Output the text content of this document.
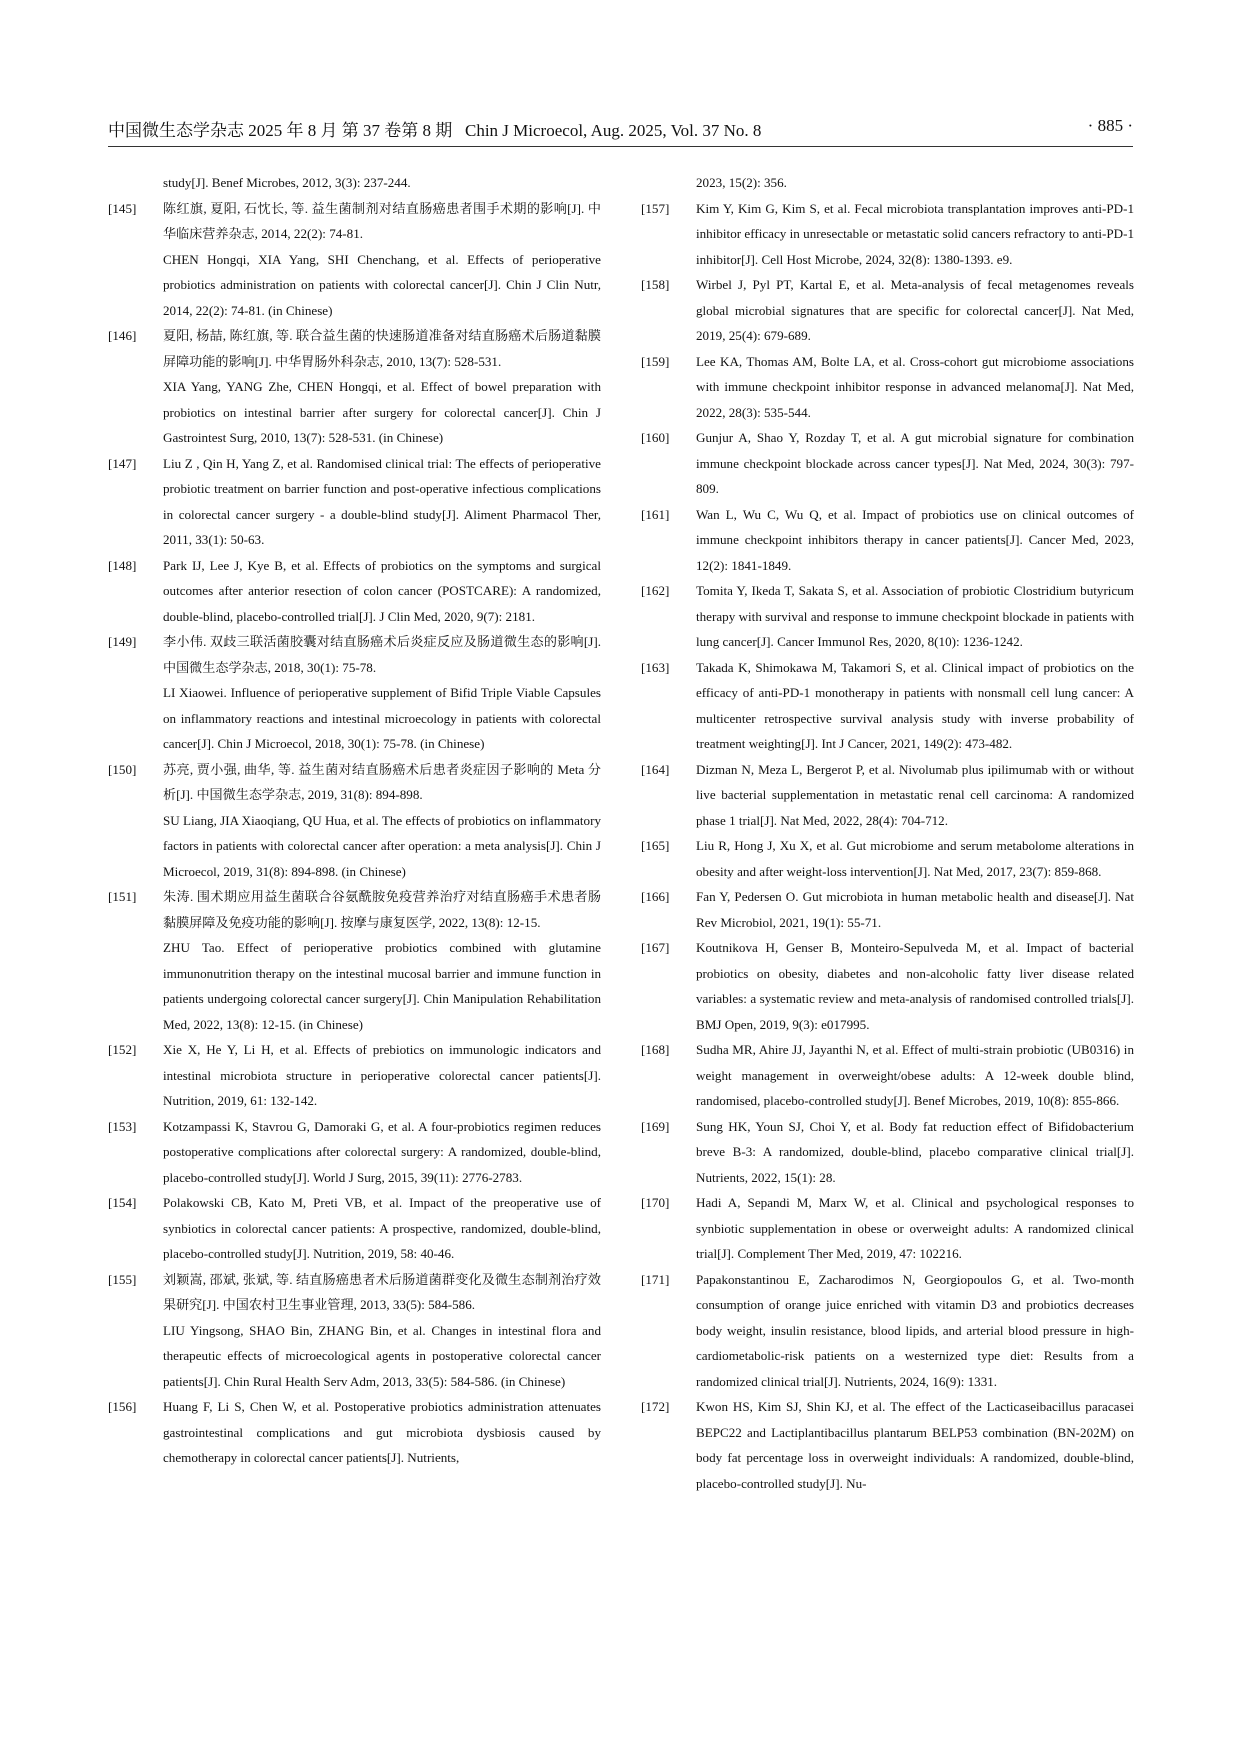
中国微生态学杂志 2025 年 8 月 第 37 卷第 8 期   Chin J Microecol, Aug. 2025, Vol. 37 No. 8	· 885 ·
study[J]. Benef Microbes, 2012, 3(3): 237-244.
[145] 陈红旗, 夏阳, 石忱长, 等. 益生菌制剂对结直肠癌患者围手术期的影响[J]. 中华临床营养杂志, 2014, 22(2): 74-81.
CHEN Hongqi, XIA Yang, SHI Chenchang, et al. Effects of perioperative probiotics administration on patients with colorectal cancer[J]. Chin J Clin Nutr, 2014, 22(2): 74-81. (in Chinese)
[146] 夏阳, 杨喆, 陈红旗, 等. 联合益生菌的快速肠道准备对结直肠癌术后肠道黏膜屏障功能的影响[J]. 中华胃肠外科杂志, 2010, 13(7): 528-531.
XIA Yang, YANG Zhe, CHEN Hongqi, et al. Effect of bowel preparation with probiotics on intestinal barrier after surgery for colorectal cancer[J]. Chin J Gastrointest Surg, 2010, 13(7): 528-531. (in Chinese)
[147] Liu Z , Qin H, Yang Z, et al. Randomised clinical trial: The effects of perioperative probiotic treatment on barrier function and post-operative infectious complications in colorectal cancer surgery - a double-blind study[J]. Aliment Pharmacol Ther, 2011, 33(1): 50-63.
[148] Park IJ, Lee J, Kye B, et al. Effects of probiotics on the symptoms and surgical outcomes after anterior resection of colon cancer (POSTCARE): A randomized, double-blind, placebo-controlled trial[J]. J Clin Med, 2020, 9(7): 2181.
[149] 李小伟. 双歧三联活菌胶囊对结直肠癌术后炎症反应及肠道微生态的影响[J]. 中国微生态学杂志, 2018, 30(1): 75-78.
LI Xiaowei. Influence of perioperative supplement of Bifid Triple Viable Capsules on inflammatory reactions and intestinal microecology in patients with colorectal cancer[J]. Chin J Microecol, 2018, 30(1): 75-78. (in Chinese)
[150] 苏亮, 贾小强, 曲华, 等. 益生菌对结直肠癌术后患者炎症因子影响的 Meta 分析[J]. 中国微生态学杂志, 2019, 31(8): 894-898.
SU Liang, JIA Xiaoqiang, QU Hua, et al. The effects of probiotics on inflammatory factors in patients with colorectal cancer after operation: a meta analysis[J]. Chin J Microecol, 2019, 31(8): 894-898. (in Chinese)
[151] 朱涛. 围术期应用益生菌联合谷氨酰胺免疫营养治疗对结直肠癌手术患者肠黏膜屏障及免疫功能的影响[J]. 按摩与康复医学, 2022, 13(8): 12-15.
ZHU Tao. Effect of perioperative probiotics combined with glutamine immunonutrition therapy on the intestinal mucosal barrier and immune function in patients undergoing colorectal cancer surgery[J]. Chin Manipulation Rehabilitation Med, 2022, 13(8): 12-15. (in Chinese)
[152] Xie X, He Y, Li H, et al. Effects of prebiotics on immunologic indicators and intestinal microbiota structure in perioperative colorectal cancer patients[J]. Nutrition, 2019, 61: 132-142.
[153] Kotzampassi K, Stavrou G, Damoraki G, et al. A four-probiotics regimen reduces postoperative complications after colorectal surgery: A randomized, double-blind, placebo-controlled study[J]. World J Surg, 2015, 39(11): 2776-2783.
[154] Polakowski CB, Kato M, Preti VB, et al. Impact of the preoperative use of synbiotics in colorectal cancer patients: A prospective, randomized, double-blind, placebo-controlled study[J]. Nutrition, 2019, 58: 40-46.
[155] 刘颖嵩, 邵斌, 张斌, 等. 结直肠癌患者术后肠道菌群变化及微生态制剂治疗效果研究[J]. 中国农村卫生事业管理, 2013, 33(5): 584-586.
LIU Yingsong, SHAO Bin, ZHANG Bin, et al. Changes in intestinal flora and therapeutic effects of microecological agents in postoperative colorectal cancer patients[J]. Chin Rural Health Serv Adm, 2013, 33(5): 584-586. (in Chinese)
[156] Huang F, Li S, Chen W, et al. Postoperative probiotics administration attenuates gastrointestinal complications and gut microbiota dysbiosis caused by chemotherapy in colorectal cancer patients[J]. Nutrients,
2023, 15(2): 356.
[157] Kim Y, Kim G, Kim S, et al. Fecal microbiota transplantation improves anti-PD-1 inhibitor efficacy in unresectable or metastatic solid cancers refractory to anti-PD-1 inhibitor[J]. Cell Host Microbe, 2024, 32(8): 1380-1393. e9.
[158] Wirbel J, Pyl PT, Kartal E, et al. Meta-analysis of fecal metagenomes reveals global microbial signatures that are specific for colorectal cancer[J]. Nat Med, 2019, 25(4): 679-689.
[159] Lee KA, Thomas AM, Bolte LA, et al. Cross-cohort gut microbiome associations with immune checkpoint inhibitor response in advanced melanoma[J]. Nat Med, 2022, 28(3): 535-544.
[160] Gunjur A, Shao Y, Rozday T, et al. A gut microbial signature for combination immune checkpoint blockade across cancer types[J]. Nat Med, 2024, 30(3): 797-809.
[161] Wan L, Wu C, Wu Q, et al. Impact of probiotics use on clinical outcomes of immune checkpoint inhibitors therapy in cancer patients[J]. Cancer Med, 2023, 12(2): 1841-1849.
[162] Tomita Y, Ikeda T, Sakata S, et al. Association of probiotic Clostridium butyricum therapy with survival and response to immune checkpoint blockade in patients with lung cancer[J]. Cancer Immunol Res, 2020, 8(10): 1236-1242.
[163] Takada K, Shimokawa M, Takamori S, et al. Clinical impact of probiotics on the efficacy of anti-PD-1 monotherapy in patients with nonsmall cell lung cancer: A multicenter retrospective survival analysis study with inverse probability of treatment weighting[J]. Int J Cancer, 2021, 149(2): 473-482.
[164] Dizman N, Meza L, Bergerot P, et al. Nivolumab plus ipilimumab with or without live bacterial supplementation in metastatic renal cell carcinoma: A randomized phase 1 trial[J]. Nat Med, 2022, 28(4): 704-712.
[165] Liu R, Hong J, Xu X, et al. Gut microbiome and serum metabolome alterations in obesity and after weight-loss intervention[J]. Nat Med, 2017, 23(7): 859-868.
[166] Fan Y, Pedersen O. Gut microbiota in human metabolic health and disease[J]. Nat Rev Microbiol, 2021, 19(1): 55-71.
[167] Koutnikova H, Genser B, Monteiro-Sepulveda M, et al. Impact of bacterial probiotics on obesity, diabetes and non-alcoholic fatty liver disease related variables: a systematic review and meta-analysis of randomised controlled trials[J]. BMJ Open, 2019, 9(3): e017995.
[168] Sudha MR, Ahire JJ, Jayanthi N, et al. Effect of multi-strain probiotic (UB0316) in weight management in overweight/obese adults: A 12-week double blind, randomised, placebo-controlled study[J]. Benef Microbes, 2019, 10(8): 855-866.
[169] Sung HK, Youn SJ, Choi Y, et al. Body fat reduction effect of Bifidobacterium breve B-3: A randomized, double-blind, placebo comparative clinical trial[J]. Nutrients, 2022, 15(1): 28.
[170] Hadi A, Sepandi M, Marx W, et al. Clinical and psychological responses to synbiotic supplementation in obese or overweight adults: A randomized clinical trial[J]. Complement Ther Med, 2019, 47: 102216.
[171] Papakonstantinou E, Zacharodimos N, Georgiopoulos G, et al. Two-month consumption of orange juice enriched with vitamin D3 and probiotics decreases body weight, insulin resistance, blood lipids, and arterial blood pressure in high-cardiometabolic-risk patients on a westernized type diet: Results from a randomized clinical trial[J]. Nutrients, 2024, 16(9): 1331.
[172] Kwon HS, Kim SJ, Shin KJ, et al. The effect of the Lacticaseibacillus paracasei BEPC22 and Lactiplantibacillus plantarum BELP53 combination (BN-202M) on body fat percentage loss in overweight individuals: A randomized, double-blind, placebo-controlled study[J]. Nu-
